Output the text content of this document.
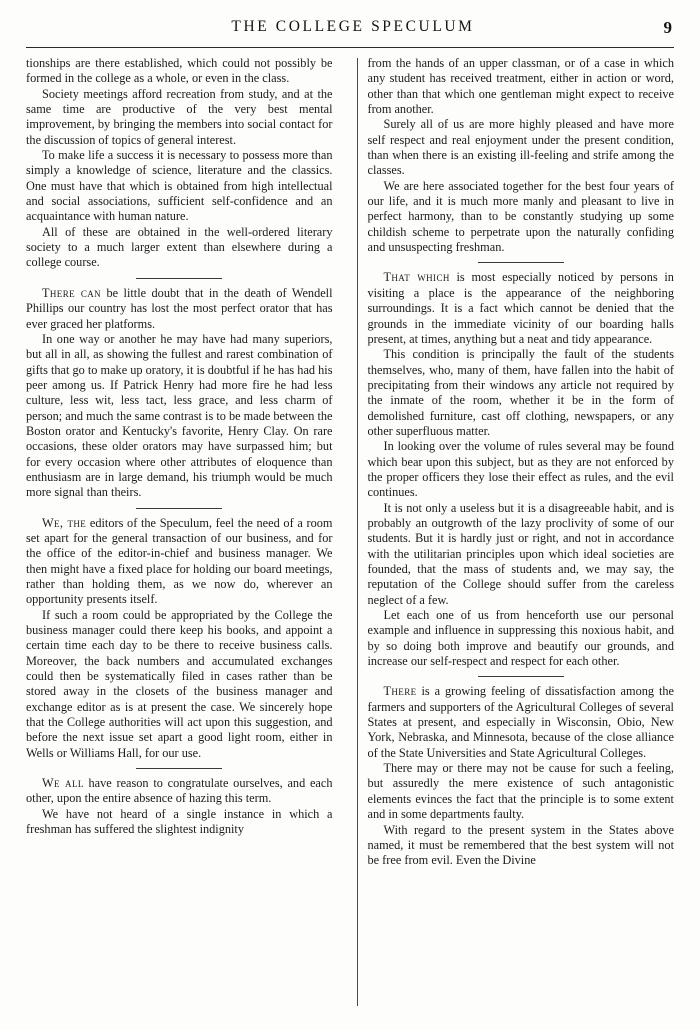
THE COLLEGE SPECULUM	9

tionships are there established, which could not possibly be formed in the college as a whole, or even in the class.

Society meetings afford recreation from study, and at the same time are productive of the very best mental improvement, by bringing the members into social contact for the discussion of topics of general interest.

To make life a success it is necessary to possess more than simply a knowledge of science, literature and the classics. One must have that which is obtained from high intellectual and social associations, sufficient self-confidence and an acquaintance with human nature.

All of these are obtained in the well-ordered literary society to a much larger extent than elsewhere during a college course.

There can be little doubt that in the death of Wendell Phillips our country has lost the most perfect orator that has ever graced her platforms.

In one way or another he may have had many superiors, but all in all, as showing the fullest and rarest combination of gifts that go to make up oratory, it is doubtful if he has had his peer among us. If Patrick Henry had more fire he had less culture, less wit, less tact, less grace, and less charm of person; and much the same contrast is to be made between the Boston orator and Kentucky's favorite, Henry Clay. On rare occasions, these older orators may have surpassed him; but for every occasion where other attributes of eloquence than enthusiasm are in large demand, his triumph would be much more signal than theirs.

We, the editors of the Speculum, feel the need of a room set apart for the general transaction of our business, and for the office of the editor-in-chief and business manager. We then might have a fixed place for holding our board meetings, rather than holding them, as we now do, wherever an opportunity presents itself.

If such a room could be appropriated by the College the business manager could there keep his books, and appoint a certain time each day to be there to receive business calls. Moreover, the back numbers and accumulated exchanges could then be systematically filed in cases rather than be stored away in the closets of the business manager and exchange editor as is at present the case. We sincerely hope that the College authorities will act upon this suggestion, and before the next issue set apart a good light room, either in Wells or Williams Hall, for our use.

We all have reason to congratulate ourselves, and each other, upon the entire absence of hazing this term.

We have not heard of a single instance in which a freshman has suffered the slightest indignity

from the hands of an upper classman, or of a case in which any student has received treatment, either in action or word, other than that which one gentleman might expect to receive from another.

Surely all of us are more highly pleased and have more self respect and real enjoyment under the present condition, than when there is an existing ill-feeling and strife among the classes.

We are here associated together for the best four years of our life, and it is much more manly and pleasant to live in perfect harmony, than to be constantly studying up some childish scheme to perpetrate upon the naturally confiding and unsuspecting freshman.

That which is most especially noticed by persons in visiting a place is the appearance of the neighboring surroundings. It is a fact which cannot be denied that the grounds in the immediate vicinity of our boarding halls present, at times, anything but a neat and tidy appearance.

This condition is principally the fault of the students themselves, who, many of them, have fallen into the habit of precipitating from their windows any article not required by the inmate of the room, whether it be in the form of demolished furniture, cast off clothing, newspapers, or any other superfluous matter.

In looking over the volume of rules several may be found which bear upon this subject, but as they are not enforced by the proper officers they lose their effect as rules, and the evil continues.

It is not only a useless but it is a disagreeable habit, and is probably an outgrowth of the lazy proclivity of some of our students. But it is hardly just or right, and not in accordance with the utilitarian principles upon which ideal societies are founded, that the mass of students and, we may say, the reputation of the College should suffer from the careless neglect of a few.

Let each one of us from henceforth use our personal example and influence in suppressing this noxious habit, and by so doing both improve and beautify our grounds, and increase our self-respect and respect for each other.

There is a growing feeling of dissatisfaction among the farmers and supporters of the Agricultural Colleges of several States at present, and especially in Wisconsin, Obio, New York, Nebraska, and Minnesota, because of the close alliance of the State Universities and State Agricultural Colleges.

There may or there may not be cause for such a feeling, but assuredly the mere existence of such antagonistic elements evinces the fact that the principle is to some extent and in some departments faulty.

With regard to the present system in the States above named, it must be remembered that the best system will not be free from evil. Even the Divine
